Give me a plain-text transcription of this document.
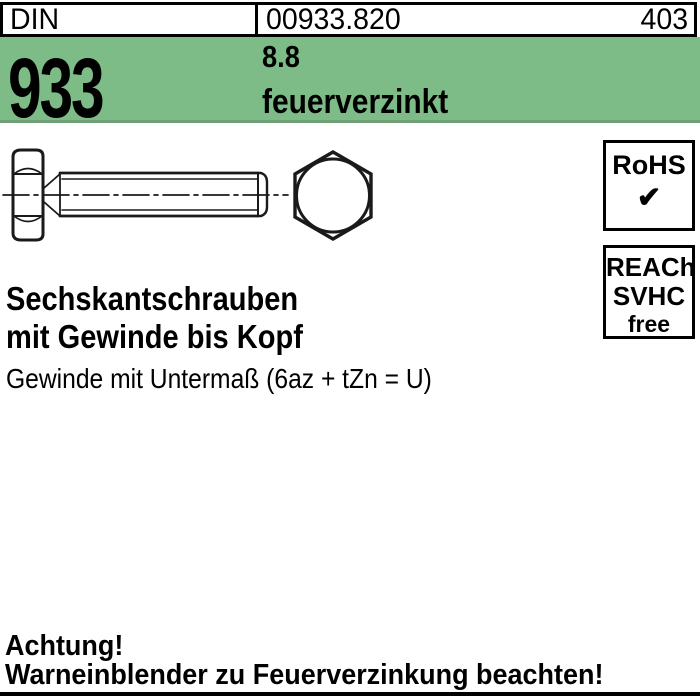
DIN	00933.820	403
933	8.8
feuerverzinkt
RoHS
✔
REACh
SVHC
free
Sechskantschrauben
mit Gewinde bis Kopf
Gewinde mit Untermaß (6az + tZn = U)
Achtung!
Warneinblender zu Feuerverzinkung beachten!
